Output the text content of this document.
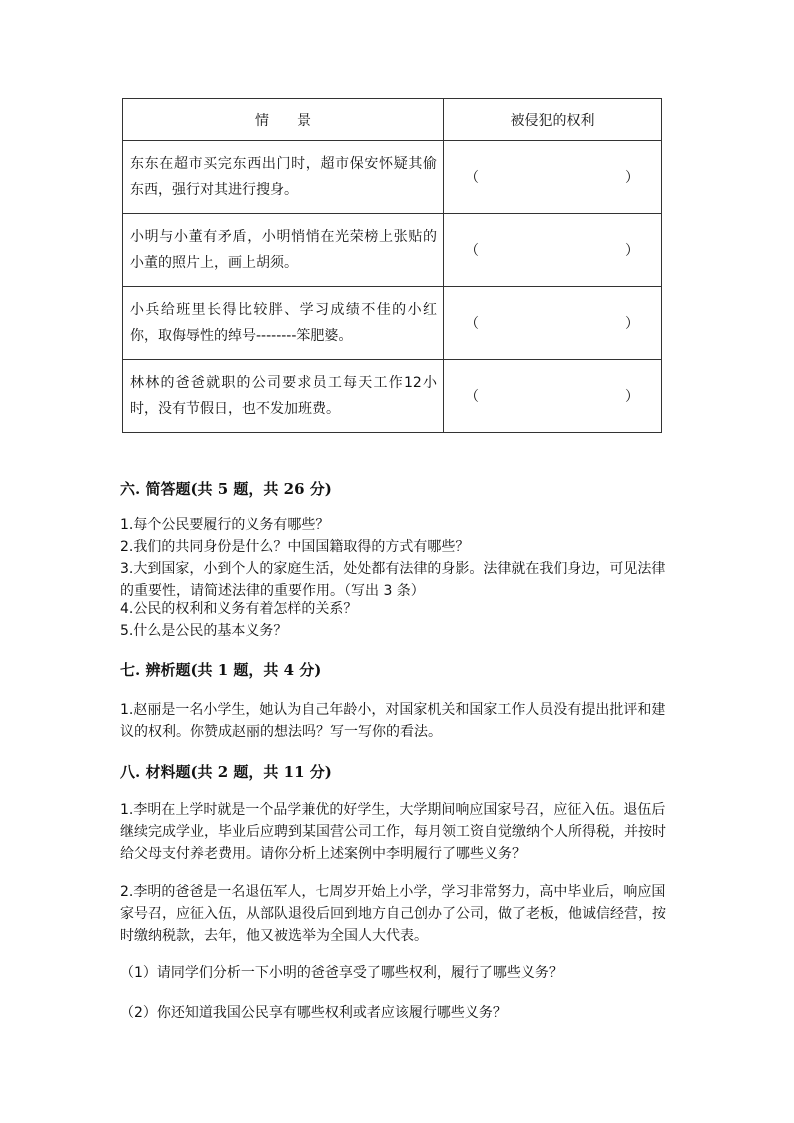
情　　景	被侵犯的权利

东东在超市买完东西出门时，超市保安怀疑其偷东西，强行对其进行搜身。	（ ）

小明与小董有矛盾，小明悄悄在光荣榜上张贴的小董的照片上，画上胡须。	（ ）

小兵给班里长得比较胖、学习成绩不佳的小红你，取侮辱性的绰号--------笨肥婆。	（ ）

林林的爸爸就职的公司要求员工每天工作12小时，没有节假日，也不发加班费。	（ ）
六. 简答题(共 5 题，共 26 分)
1.每个公民要履行的义务有哪些？
2.我们的共同身份是什么？中国国籍取得的方式有哪些？
3.大到国家，小到个人的家庭生活，处处都有法律的身影。法律就在我们身边，可见法律的重要性，请简述法律的重要作用。（写出 3 条）
4.公民的权利和义务有着怎样的关系？
5.什么是公民的基本义务？
七. 辨析题(共 1 题，共 4 分)
1.赵丽是一名小学生，她认为自己年龄小，对国家机关和国家工作人员没有提出批评和建议的权利。你赞成赵丽的想法吗？写一写你的看法。
八. 材料题(共 2 题，共 11 分)
1.李明在上学时就是一个品学兼优的好学生，大学期间响应国家号召，应征入伍。退伍后继续完成学业，毕业后应聘到某国营公司工作，每月领工资自觉缴纳个人所得税，并按时给父母支付养老费用。请你分析上述案例中李明履行了哪些义务？
2.李明的爸爸是一名退伍军人，七周岁开始上小学，学习非常努力，高中毕业后，响应国家号召，应征入伍，从部队退役后回到地方自己创办了公司，做了老板，他诚信经营，按时缴纳税款，去年，他又被选举为全国人大代表。
（1）请同学们分析一下小明的爸爸享受了哪些权利，履行了哪些义务？
（2）你还知道我国公民享有哪些权利或者应该履行哪些义务？
